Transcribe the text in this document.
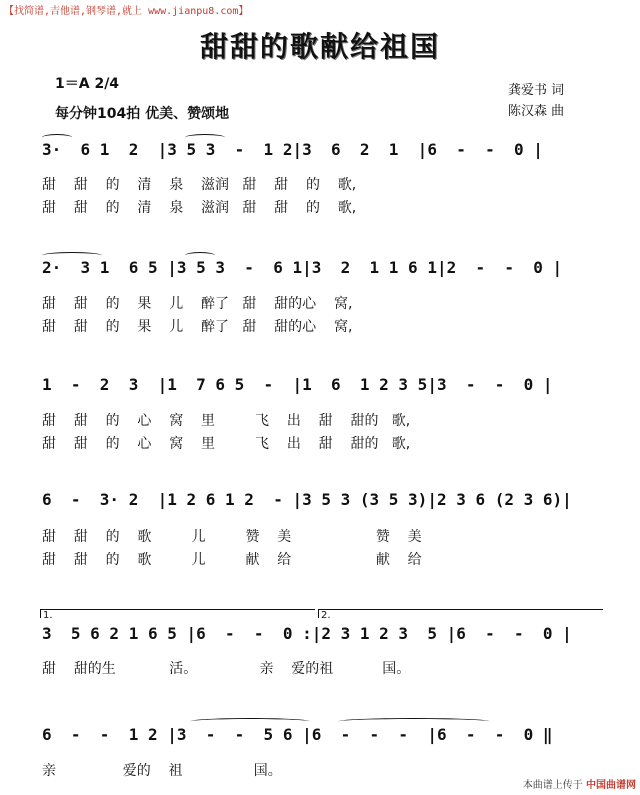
【找简谱,吉他谱,钢琴谱,就上 www.jianpu8.com】
甜甜的歌献给祖国
1＝A 2/4
每分钟104拍 优美、赞颂地
龚爱书 词
陈汉森 曲
3·  6 1  2  |3 5 3  -  1 2|3  6  2  1  |6  -  -  0 |
甜    甜    的    清    泉    滋润   甜    甜    的    歌,
甜    甜    的    清    泉    滋润   甜    甜    的    歌,
2·  3 1  6 5 |3 5 3  -  6 1|3  2  1 1 6 1|2  -  -  0 |
甜    甜    的    果    儿    醉了   甜    甜的心    窝,
甜    甜    的    果    儿    醉了   甜    甜的心    窝,
1  -  2  3  |1  7 6 5  -  |1  6  1 2 3 5|3  -  -  0 |
甜    甜    的    心    窝    里         飞    出    甜    甜的   歌,
甜    甜    的    心    窝    里         飞    出    甜    甜的   歌,
6  -  3· 2  |1 2 6 1 2  - |3 5 3 (3 5 3)|2 3 6 (2 3 6)|
甜    甜    的    歌         儿         赞    美                   赞    美
甜    甜    的    歌         儿         献    给                   献    给
1.	2.
3  5 6 2 1 6 5 |6  -  -  0 :|2 3 1 2 3  5 |6  -  -  0 |
甜    甜的生            活。              亲    爱的祖           国。
6  -  -  1 2 |3  -  -  5 6 |6  -  -  -  |6  -  -  0 ‖
亲               爱的    祖                国。
本曲谱上传于 中国曲谱网
